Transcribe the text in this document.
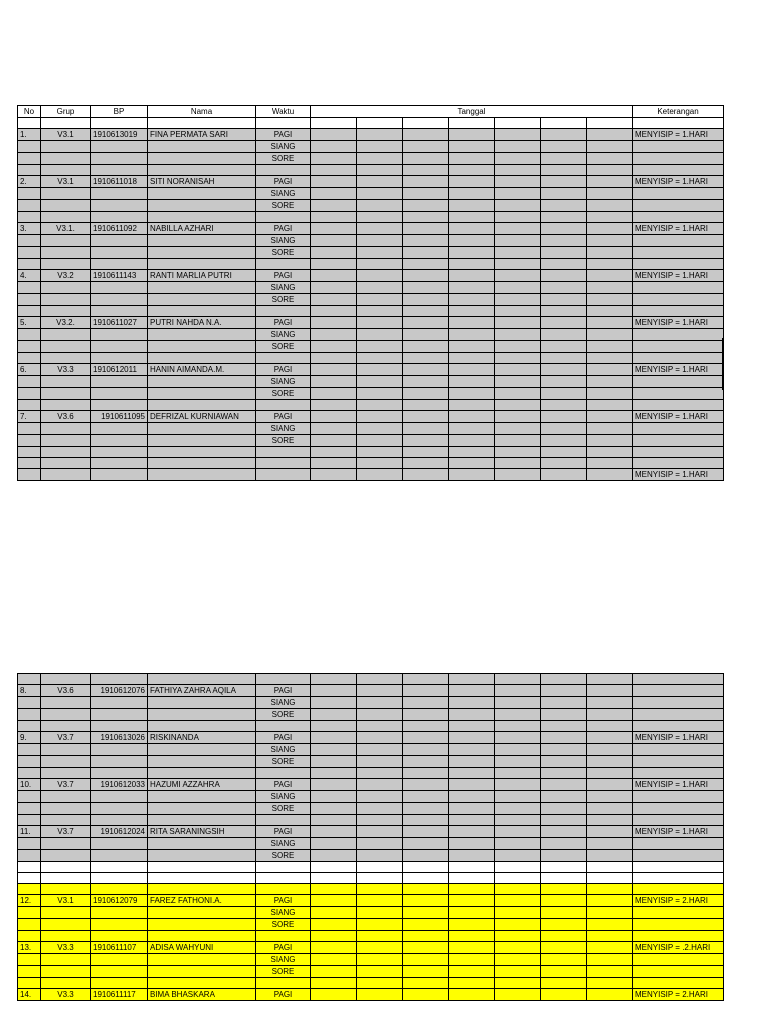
No	Grup	BP	Nama	Waktu	Tanggal							Keterangan

1.	V3.1	1910613019	FINA PERMATA SARI	PAGI								MENYISIP = 1.HARI
				SIANG								
				SORE								

2.	V3.1	1910611018	SITI NORANISAH	PAGI								MENYISIP = 1.HARI
				SIANG								
				SORE								

3.	V3.1.	1910611092	NABILLA AZHARI	PAGI								MENYISIP = 1.HARI
				SIANG								
				SORE								

4.	V3.2	1910611143	RANTI MARLIA PUTRI	PAGI								MENYISIP = 1.HARI
				SIANG								
				SORE								

5.	V3.2.	1910611027	PUTRI NAHDA N.A.	PAGI								MENYISIP = 1.HARI
				SIANG								
				SORE								

6.	V3.3	1910612011	HANIN AIMANDA.M.	PAGI								MENYISIP = 1.HARI
				SIANG								
				SORE								

7.	V3.6	1910611095	DEFRIZAL KURNIAWAN	PAGI								MENYISIP = 1.HARI
				SIANG								
				SORE								

												MENYISIP = 1.HARI

8.	V3.6	1910612076	FATHIYA ZAHRA AQILA	PAGI								
				SIANG								
				SORE								

9.	V3.7	1910613026	RISKINANDA	PAGI								MENYISIP = 1.HARI
				SIANG								
				SORE								

10.	V3.7	1910612033	HAZUMI AZZAHRA	PAGI								MENYISIP = 1.HARI
				SIANG								
				SORE								

11.	V3.7	1910612024	RITA SARANINGSIH	PAGI								MENYISIP = 1.HARI
				SIANG								
				SORE								

12.	V3.1	1910612079	FAREZ FATHONI.A.	PAGI								MENYISIP = 2.HARI
				SIANG								
				SORE								

13.	V3.3	1910611107	ADISA WAHYUNI	PAGI								MENYISIP = .2.HARI
				SIANG								
				SORE								

14.	V3.3	1910611117	BIMA BHASKARA	PAGI								MENYISIP = 2.HARI
